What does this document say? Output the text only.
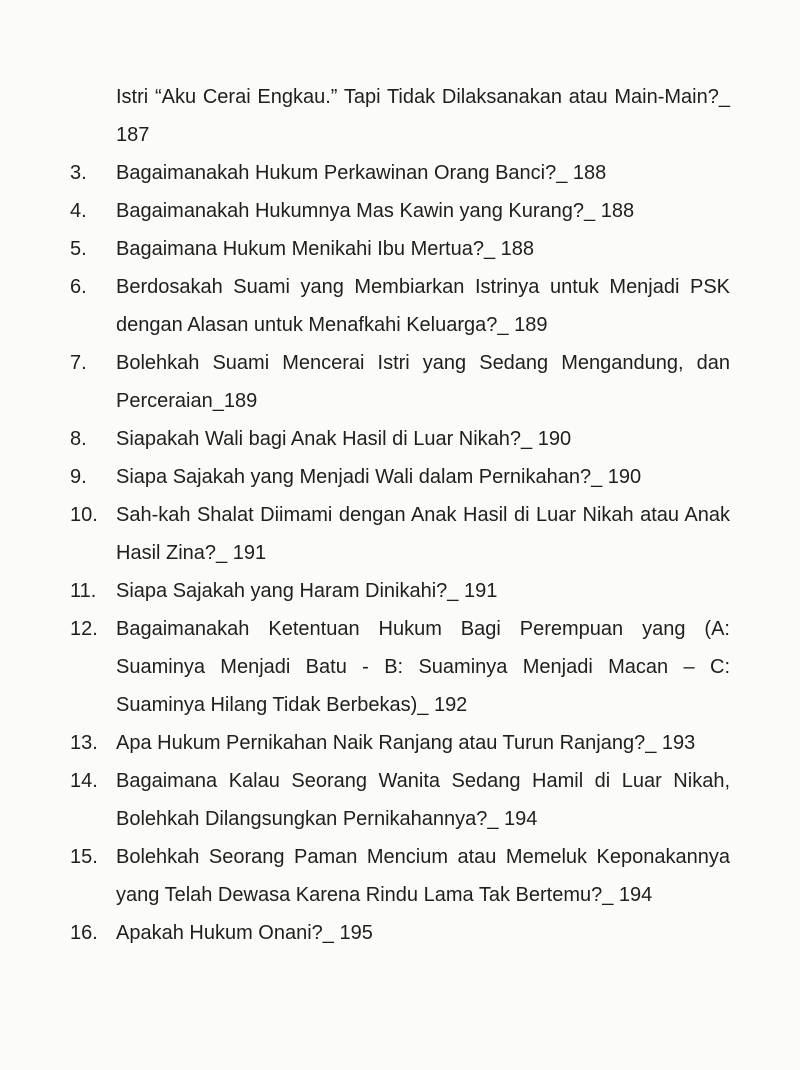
Istri “Aku Cerai Engkau.” Tapi Tidak Dilaksanakan atau Main-Main?_ 187
3.	Bagaimanakah Hukum Perkawinan Orang Banci?_ 188
4.	Bagaimanakah Hukumnya Mas Kawin yang Kurang?_ 188
5.	Bagaimana Hukum Menikahi Ibu Mertua?_ 188
6.	Berdosakah Suami yang Membiarkan Istrinya untuk Menjadi PSK dengan Alasan untuk Menafkahi Keluarga?_ 189
7.	Bolehkah Suami Mencerai Istri yang Sedang Mengandung, dan Perceraian_189
8.	Siapakah Wali bagi Anak Hasil di Luar Nikah?_ 190
9.	Siapa Sajakah yang Menjadi Wali dalam Pernikahan?_ 190
10. Sah-kah Shalat Diimami dengan Anak Hasil di Luar Nikah atau Anak Hasil Zina?_ 191
11. Siapa Sajakah yang Haram Dinikahi?_ 191
12. Bagaimanakah Ketentuan Hukum Bagi Perempuan yang (A: Suaminya Menjadi Batu - B: Suaminya Menjadi Macan – C: Suaminya Hilang Tidak Berbekas)_ 192
13. Apa Hukum Pernikahan Naik Ranjang atau Turun Ranjang?_ 193
14. Bagaimana Kalau Seorang Wanita Sedang Hamil di Luar Nikah, Bolehkah Dilangsungkan Pernikahannya?_ 194
15. Bolehkah Seorang Paman Mencium atau Memeluk Keponakannya yang Telah Dewasa Karena Rindu Lama Tak Bertemu?_ 194
16. Apakah Hukum Onani?_ 195
